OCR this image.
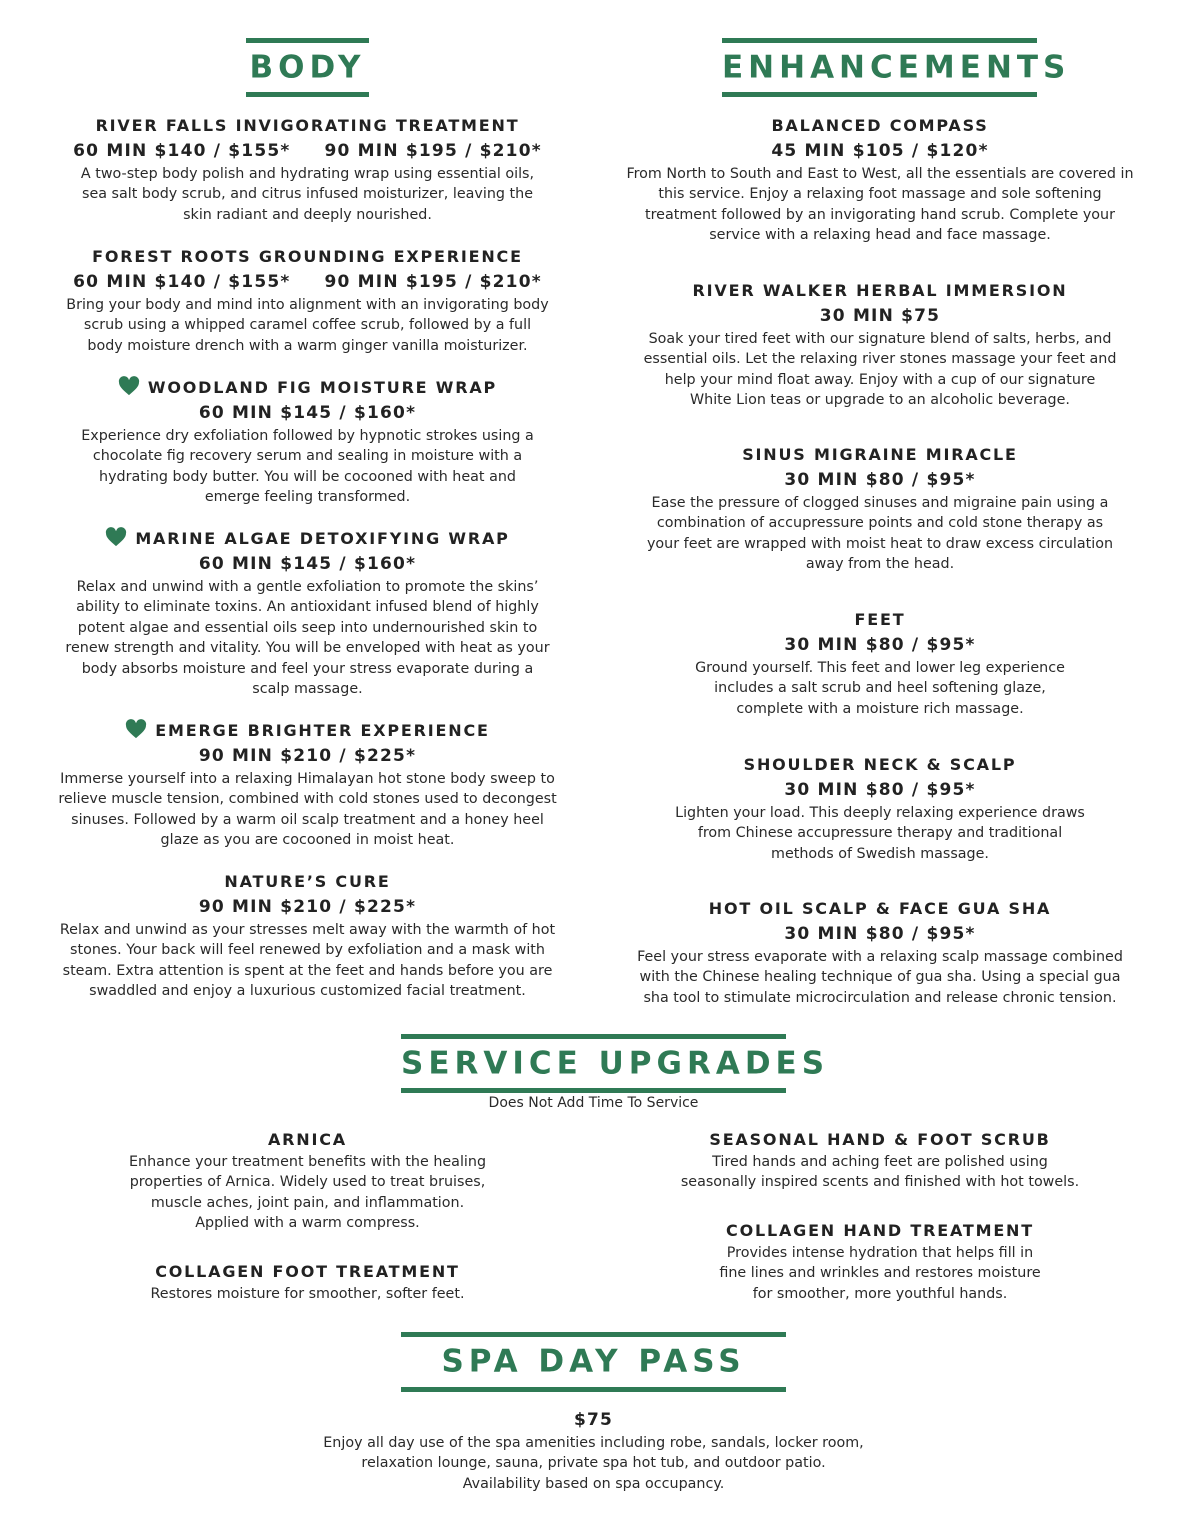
BODY	ENHANCEMENTS
SERVICE UPGRADES
SPA DAY PASS
RIVER FALLS INVIGORATING TREATMENT
60 MIN $140 / $155* 90 MIN $195 / $210*
A two-step body polish and hydrating wrap using essential oils,
sea salt body scrub, and citrus infused moisturizer, leaving the
skin radiant and deeply nourished.
FOREST ROOTS GROUNDING EXPERIENCE
60 MIN $140 / $155* 90 MIN $195 / $210*
Bring your body and mind into alignment with an invigorating body
scrub using a whipped caramel coffee scrub, followed by a full
body moisture drench with a warm ginger vanilla moisturizer.
WOODLAND FIG MOISTURE WRAP
60 MIN $145 / $160*
Experience dry exfoliation followed by hypnotic strokes using a
chocolate fig recovery serum and sealing in moisture with a
hydrating body butter. You will be cocooned with heat and
emerge feeling transformed.
MARINE ALGAE DETOXIFYING WRAP
60 MIN $145 / $160*
Relax and unwind with a gentle exfoliation to promote the skins’
ability to eliminate toxins. An antioxidant infused blend of highly
potent algae and essential oils seep into undernourished skin to
renew strength and vitality. You will be enveloped with heat as your
body absorbs moisture and feel your stress evaporate during a
scalp massage.
EMERGE BRIGHTER EXPERIENCE
90 MIN $210 / $225*
Immerse yourself into a relaxing Himalayan hot stone body sweep to
relieve muscle tension, combined with cold stones used to decongest
sinuses. Followed by a warm oil scalp treatment and a honey heel
glaze as you are cocooned in moist heat.
NATURE’S CURE
90 MIN $210 / $225*
Relax and unwind as your stresses melt away with the warmth of hot
stones. Your back will feel renewed by exfoliation and a mask with
steam. Extra attention is spent at the feet and hands before you are
swaddled and enjoy a luxurious customized facial treatment.
BALANCED COMPASS
45 MIN $105 / $120*
From North to South and East to West, all the essentials are covered in
this service. Enjoy a relaxing foot massage and sole softening
treatment followed by an invigorating hand scrub. Complete your
service with a relaxing head and face massage.
RIVER WALKER HERBAL IMMERSION
30 MIN $75
Soak your tired feet with our signature blend of salts, herbs, and
essential oils. Let the relaxing river stones massage your feet and
help your mind float away. Enjoy with a cup of our signature
White Lion teas or upgrade to an alcoholic beverage.
SINUS MIGRAINE MIRACLE
30 MIN $80 / $95*
Ease the pressure of clogged sinuses and migraine pain using a
combination of accupressure points and cold stone therapy as
your feet are wrapped with moist heat to draw excess circulation
away from the head.
FEET
30 MIN $80 / $95*
Ground yourself. This feet and lower leg experience
includes a salt scrub and heel softening glaze,
complete with a moisture rich massage.
SHOULDER NECK & SCALP
30 MIN $80 / $95*
Lighten your load. This deeply relaxing experience draws
from Chinese accupressure therapy and traditional
methods of Swedish massage.
HOT OIL SCALP & FACE GUA SHA
30 MIN $80 / $95*
Feel your stress evaporate with a relaxing scalp massage combined
with the Chinese healing technique of gua sha. Using a special gua
sha tool to stimulate microcirculation and release chronic tension.
Does Not Add Time To Service
ARNICA
Enhance your treatment benefits with the healing
properties of Arnica. Widely used to treat bruises,
muscle aches, joint pain, and inflammation.
Applied with a warm compress.
COLLAGEN FOOT TREATMENT
Restores moisture for smoother, softer feet.
SEASONAL HAND & FOOT SCRUB
Tired hands and aching feet are polished using
seasonally inspired scents and finished with hot towels.
COLLAGEN HAND TREATMENT
Provides intense hydration that helps fill in
fine lines and wrinkles and restores moisture
for smoother, more youthful hands.
$75
Enjoy all day use of the spa amenities including robe, sandals, locker room,
relaxation lounge, sauna, private spa hot tub, and outdoor patio.
Availability based on spa occupancy.
